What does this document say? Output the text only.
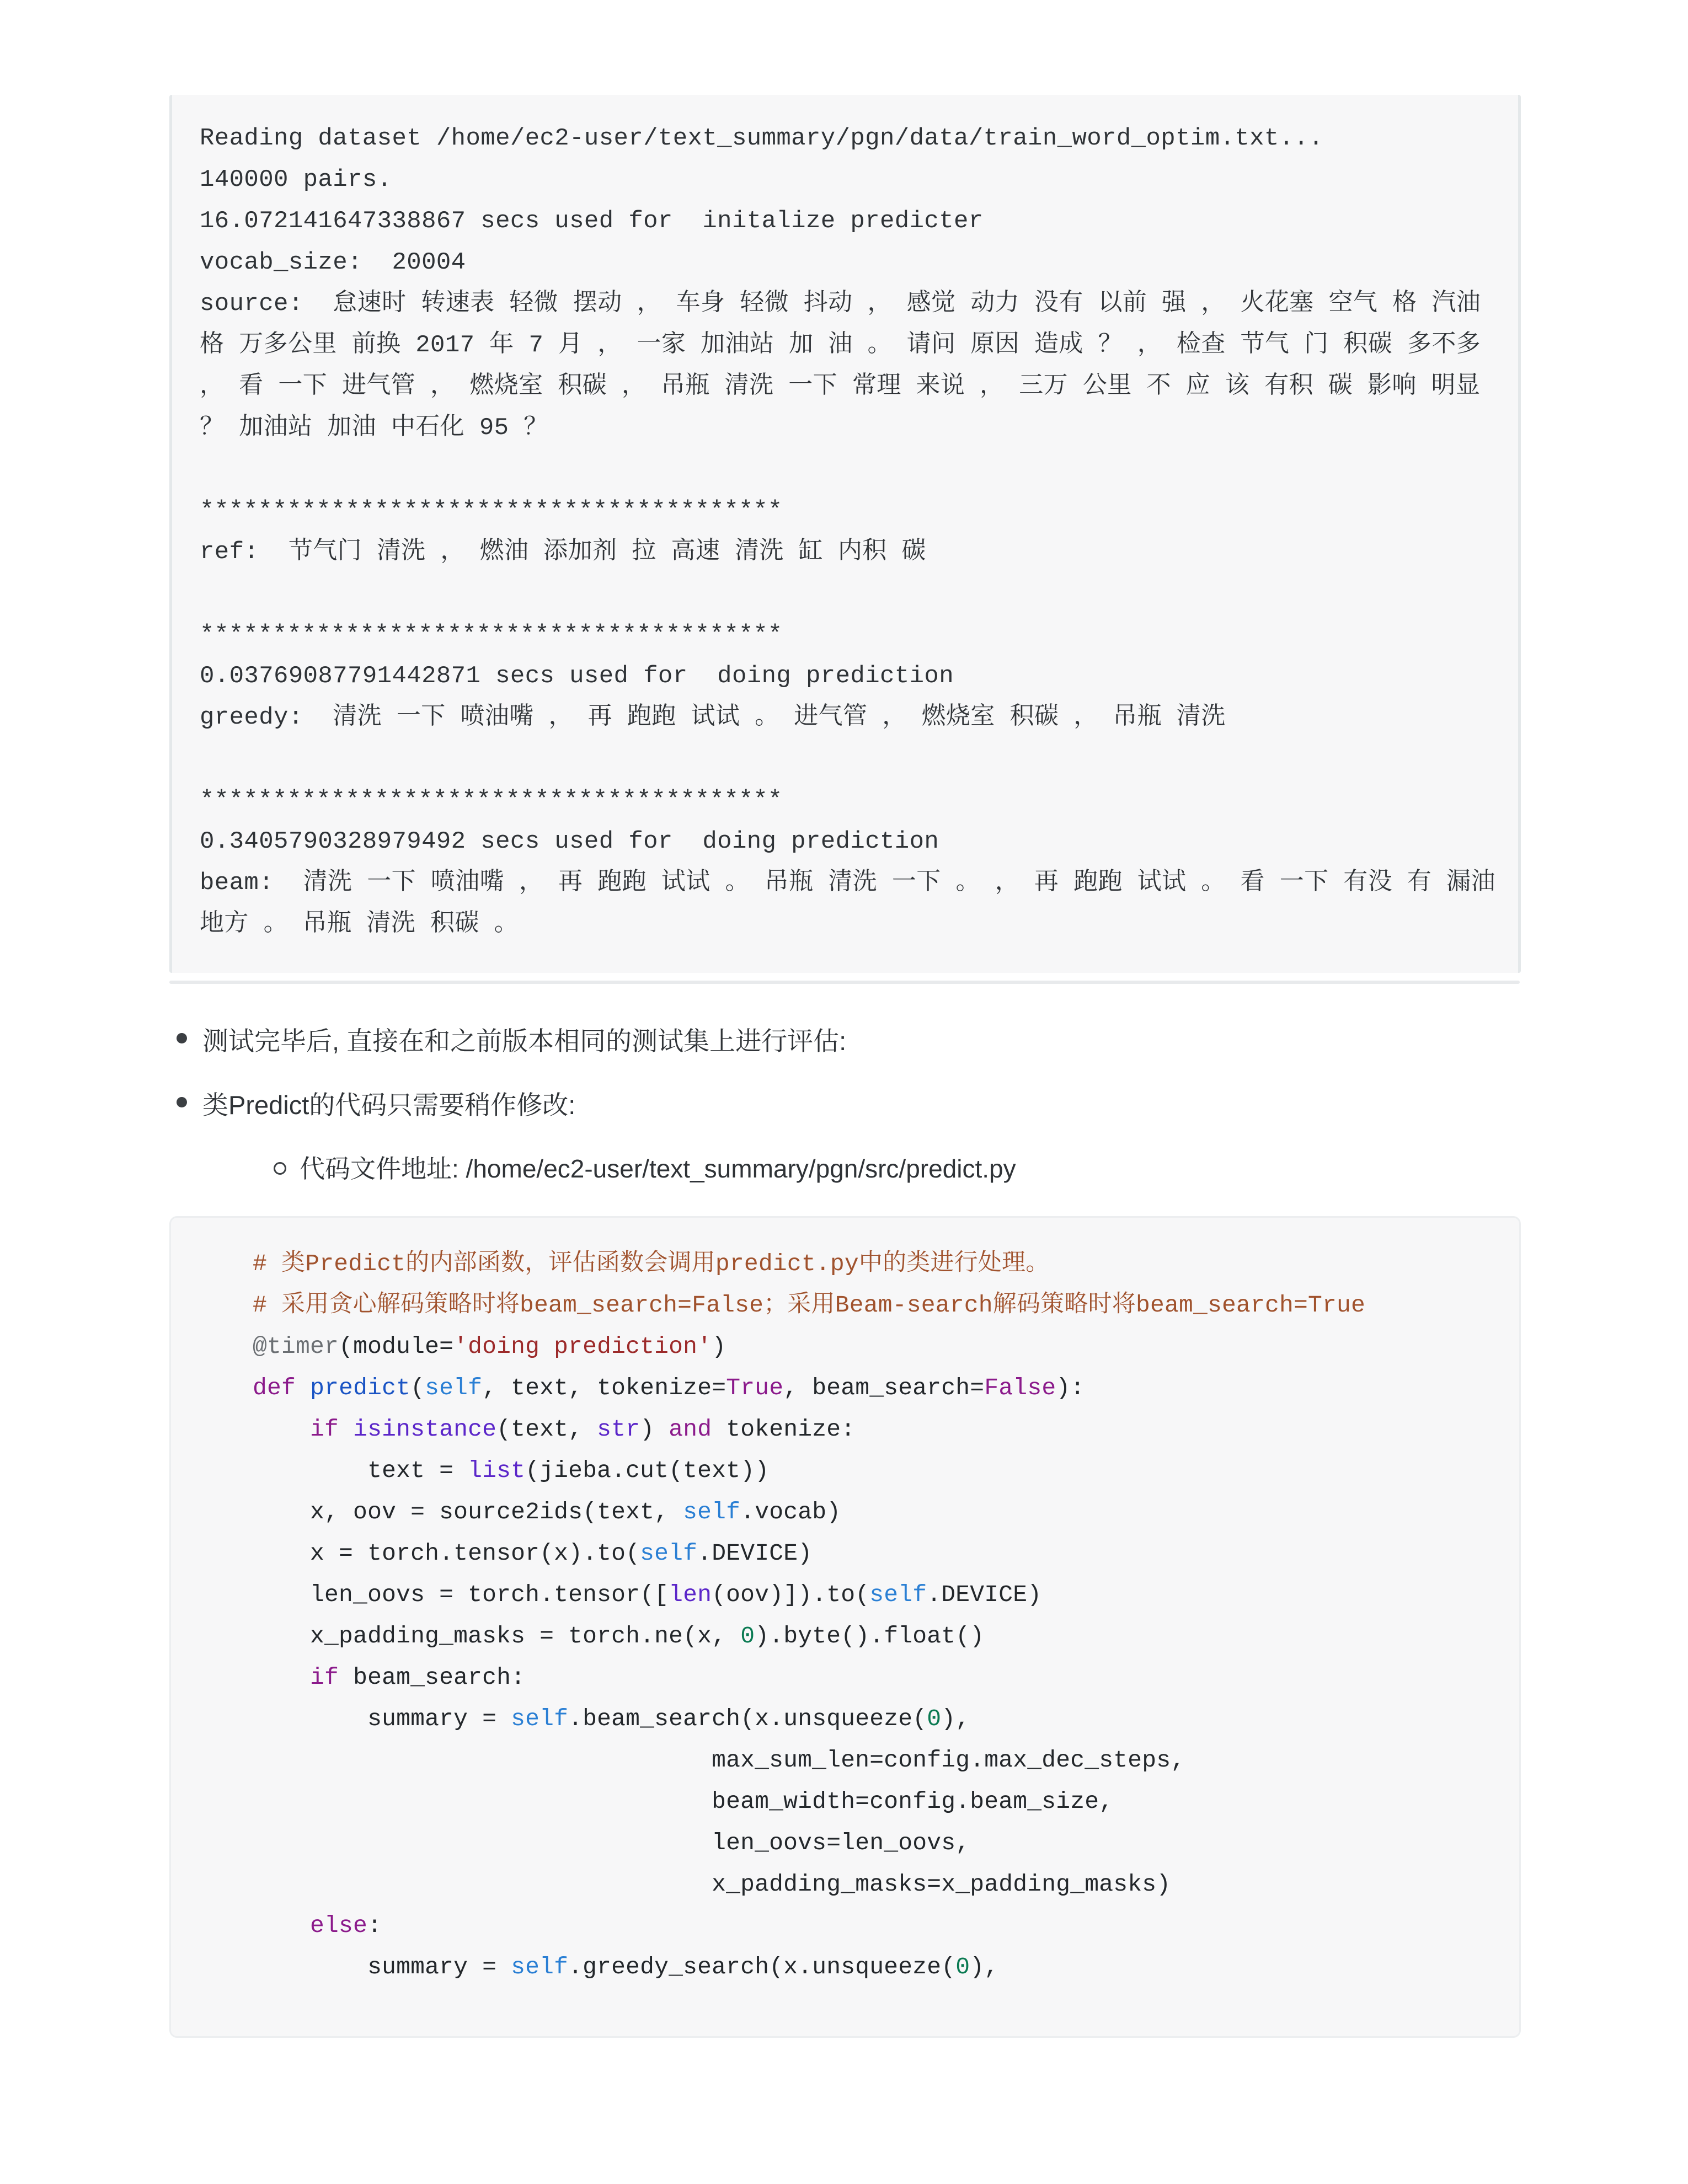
Reading dataset /home/ec2-user/text_summary/pgn/data/train_word_optim.txt...
140000 pairs.
16.072141647338867 secs used for  initalize predicter
vocab_size:  20004
source:  怠速时 转速表 轻微 摆动 ， 车身 轻微 抖动 ， 感觉 动力 没有 以前 强 ， 火花塞 空气 格 汽油 格 万多公里 前换 2017 年 7 月 ， 一家 加油站 加 油 。 请问 原因 造成 ？ ， 检查 节气 门 积碳 多不多 ， 看 一下 进气管 ， 燃烧室 积碳 ， 吊瓶 清洗 一下 常理 来说 ， 三万 公里 不 应 该 有积 碳 影响 明显 ？ 加油站 加油 中石化 95 ？
****************************************
ref:  节气门 清洗 ， 燃油 添加剂 拉 高速 清洗 缸 内积 碳
****************************************
0.03769087791442871 secs used for  doing prediction
greedy:  清洗 一下 喷油嘴 ， 再 跑跑 试试 。 进气管 ， 燃烧室 积碳 ， 吊瓶 清洗
****************************************
0.3405790328979492 secs used for  doing prediction
beam:  清洗 一下 喷油嘴 ， 再 跑跑 试试 。 吊瓶 清洗 一下 。 ， 再 跑跑 试试 。 看 一下 有没 有 漏油 地方 。 吊瓶 清洗 积碳 。
测试完毕后, 直接在和之前版本相同的测试集上进行评估:
类Predict的代码只需要稍作修改:
代码文件地址: /home/ec2-user/text_summary/pgn/src/predict.py
# 类Predict的内部函数，评估函数会调用predict.py中的类进行处理。
# 采用贪心解码策略时将beam_search=False；采用Beam-search解码策略时将beam_search=True
@timer(module='doing prediction')
def predict(self, text, tokenize=True, beam_search=False):
if isinstance(text, str) and tokenize:
text = list(jieba.cut(text))
x, oov = source2ids(text, self.vocab)
x = torch.tensor(x).to(self.DEVICE)
len_oovs = torch.tensor([len(oov)]).to(self.DEVICE)
x_padding_masks = torch.ne(x, 0).byte().float()
if beam_search:
summary = self.beam_search(x.unsqueeze(0),
max_sum_len=config.max_dec_steps,
beam_width=config.beam_size,
len_oovs=len_oovs,
x_padding_masks=x_padding_masks)
else:
summary = self.greedy_search(x.unsqueeze(0),
